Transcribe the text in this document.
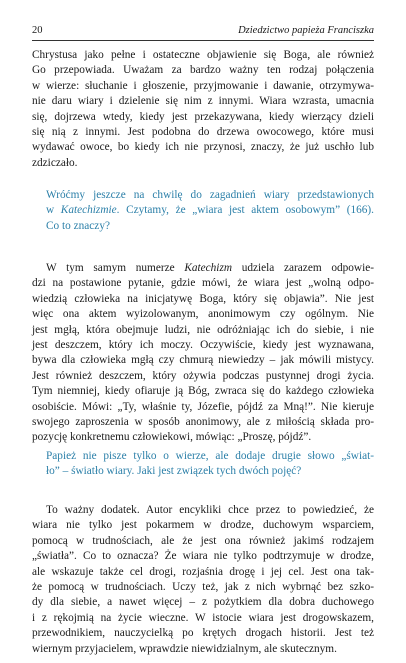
20	Dziedzictwo papieża Franciszka
Chrystusa jako pełne i ostateczne objawienie się Boga, ale również
Go przepowiada. Uważam za bardzo ważny ten rodzaj połączenia
w wierze: słuchanie i głoszenie, przyjmowanie i dawanie, otrzymywa-
nie daru wiary i dzielenie się nim z innymi. Wiara wzrasta, umacnia
się, dojrzewa wtedy, kiedy jest przekazywana, kiedy wierzący dzieli
się nią z innymi. Jest podobna do drzewa owocowego, które musi
wydawać owoce, bo kiedy ich nie przynosi, znaczy, że już uschło lub
zdziczało.
Wróćmy jeszcze na chwilę do zagadnień wiary przedstawionych
w Katechizmie. Czytamy, że „wiara jest aktem osobowym” (166).
Co to znaczy?
W tym samym numerze Katechizm udziela zarazem odpowie-
dzi na postawione pytanie, gdzie mówi, że wiara jest „wolną odpo-
wiedzią człowieka na inicjatywę Boga, który się objawia”. Nie jest
więc ona aktem wyizolowanym, anonimowym czy ogólnym. Nie
jest mgłą, która obejmuje ludzi, nie odróżniając ich do siebie, i nie
jest deszczem, który ich moczy. Oczywiście, kiedy jest wyznawana,
bywa dla człowieka mgłą czy chmurą niewiedzy – jak mówili mistycy.
Jest również deszczem, który ożywia podczas pustynnej drogi życia.
Tym niemniej, kiedy ofiaruje ją Bóg, zwraca się do każdego człowieka
osobiście. Mówi: „Ty, właśnie ty, Józefie, pójdź za Mną!”. Nie kieruje
swojego zaproszenia w sposób anonimowy, ale z miłością składa pro-
pozycję konkretnemu człowiekowi, mówiąc: „Proszę, pójdź”.
Papież nie pisze tylko o wierze, ale dodaje drugie słowo „świat-
ło” – światło wiary. Jaki jest związek tych dwóch pojęć?
To ważny dodatek. Autor encykliki chce przez to powiedzieć, że
wiara nie tylko jest pokarmem w drodze, duchowym wsparciem,
pomocą w trudnościach, ale że jest ona również jakimś rodzajem
„światła”. Co to oznacza? Że wiara nie tylko podtrzymuje w drodze,
ale wskazuje także cel drogi, rozjaśnia drogę i jej cel. Jest ona tak-
że pomocą w trudnościach. Uczy też, jak z nich wybrnąć bez szko-
dy dla siebie, a nawet więcej – z pożytkiem dla dobra duchowego
i z rękojmią na życie wieczne. W istocie wiara jest drogowskazem,
przewodnikiem, nauczycielką po krętych drogach historii. Jest też
wiernym przyjacielem, wprawdzie niewidzialnym, ale skutecznym.
